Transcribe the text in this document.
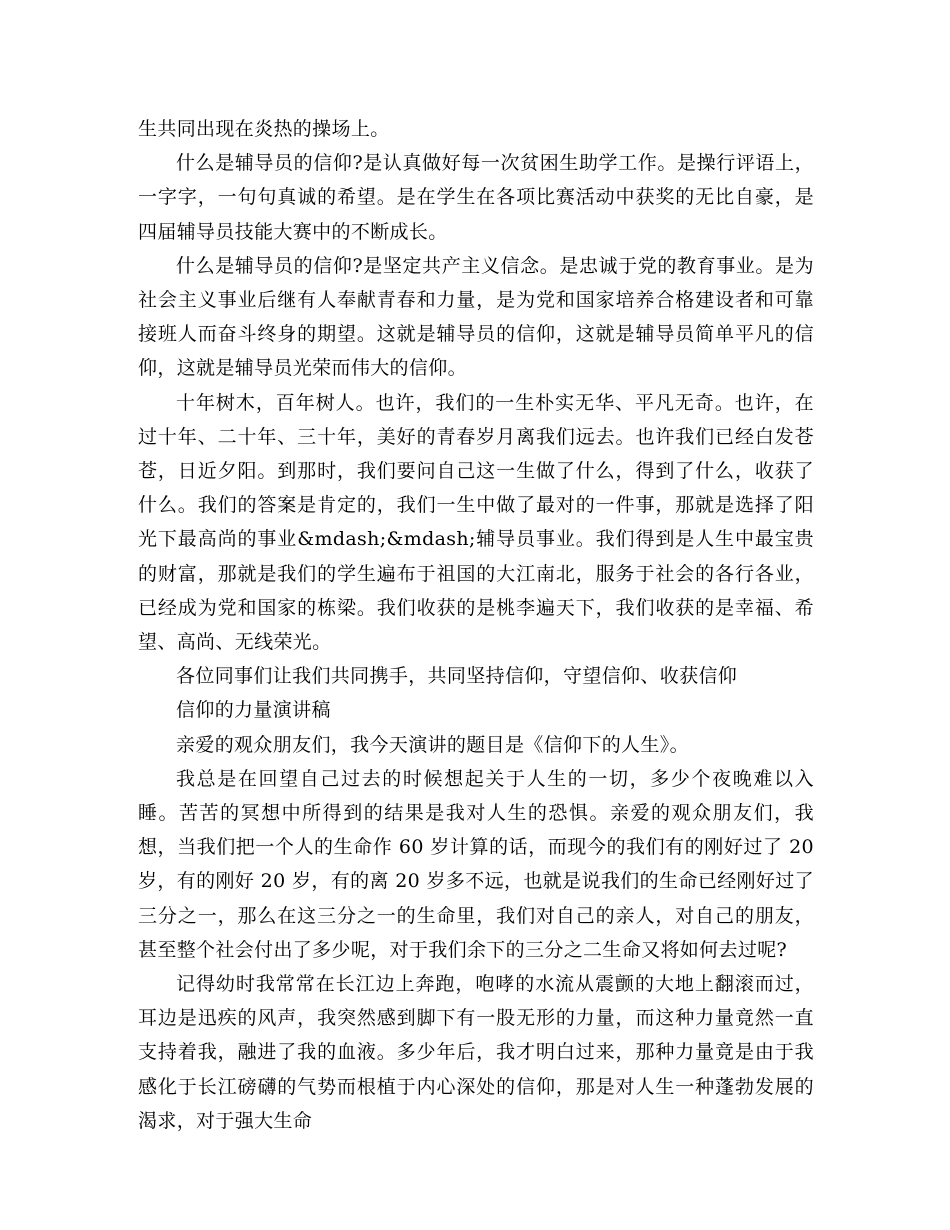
生共同出现在炎热的操场上。

什么是辅导员的信仰?是认真做好每一次贫困生助学工作。是操行评语上，一字字，一句句真诚的希望。是在学生在各项比赛活动中获奖的无比自豪，是四届辅导员技能大赛中的不断成长。

什么是辅导员的信仰?是坚定共产主义信念。是忠诚于党的教育事业。是为社会主义事业后继有人奉献青春和力量，是为党和国家培养合格建设者和可靠接班人而奋斗终身的期望。这就是辅导员的信仰，这就是辅导员简单平凡的信仰，这就是辅导员光荣而伟大的信仰。

十年树木，百年树人。也许，我们的一生朴实无华、平凡无奇。也许，在过十年、二十年、三十年，美好的青春岁月离我们远去。也许我们已经白发苍苍，日近夕阳。到那时，我们要问自己这一生做了什么，得到了什么，收获了什么。我们的答案是肯定的，我们一生中做了最对的一件事，那就是选择了阳光下最高尚的事业&mdash;&mdash;辅导员事业。我们得到是人生中最宝贵的财富，那就是我们的学生遍布于祖国的大江南北，服务于社会的各行各业，已经成为党和国家的栋梁。我们收获的是桃李遍天下，我们收获的是幸福、希望、高尚、无线荣光。

各位同事们让我们共同携手，共同坚持信仰，守望信仰、收获信仰

信仰的力量演讲稿

亲爱的观众朋友们，我今天演讲的题目是《信仰下的人生》。

我总是在回望自己过去的时候想起关于人生的一切，多少个夜晚难以入睡。苦苦的冥想中所得到的结果是我对人生的恐惧。亲爱的观众朋友们，我想，当我们把一个人的生命作 60 岁计算的话，而现今的我们有的刚好过了 20 岁，有的刚好 20 岁，有的离 20 岁多不远，也就是说我们的生命已经刚好过了三分之一，那么在这三分之一的生命里，我们对自己的亲人，对自己的朋友，甚至整个社会付出了多少呢，对于我们余下的三分之二生命又将如何去过呢?

记得幼时我常常在长江边上奔跑，咆哮的水流从震颤的大地上翻滚而过，耳边是迅疾的风声，我突然感到脚下有一股无形的力量，而这种力量竟然一直支持着我，融进了我的血液。多少年后，我才明白过来，那种力量竟是由于我感化于长江磅礴的气势而根植于内心深处的信仰，那是对人生一种蓬勃发展的渴求，对于强大生命
